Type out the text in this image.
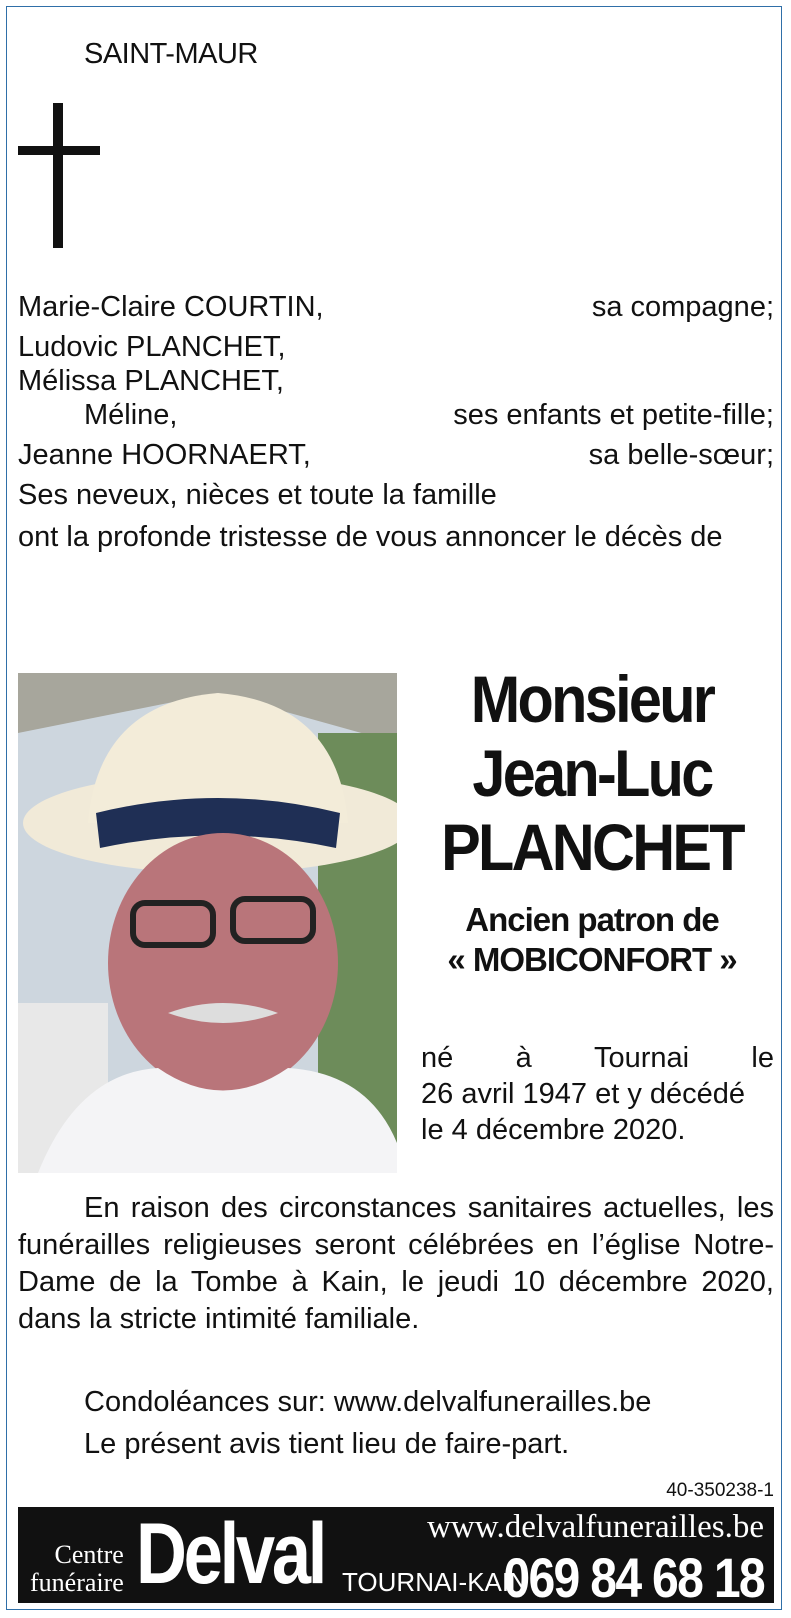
SAINT-MAUR
Marie-Claire COURTIN,	sa compagne;
Ludovic PLANCHET,
Mélissa PLANCHET,
Méline,	ses enfants et petite-fille;
Jeanne HOORNAERT,	sa belle-sœur;
Ses neveux, nièces et toute la famille
ont la profonde tristesse de vous annoncer le décès de
Monsieur
Jean-Luc
PLANCHET
Ancien patron de
« MOBICONFORT »
né à Tournai le
26 avril 1947 et y décédé le 4 décembre 2020.
En raison des circonstances sanitaires actuelles, les funérailles religieuses seront célébrées en l’église Notre-Dame de la Tombe à Kain, le jeudi 10 décembre 2020, dans la stricte intimité familiale.
Condoléances sur: www.delvalfunerailles.be
Le présent avis tient lieu de faire-part.
40-350238-1
Centre
funéraire Delval	www.delvalfunerailles.be
TOURNAI-KAIN
069 84 68 18
